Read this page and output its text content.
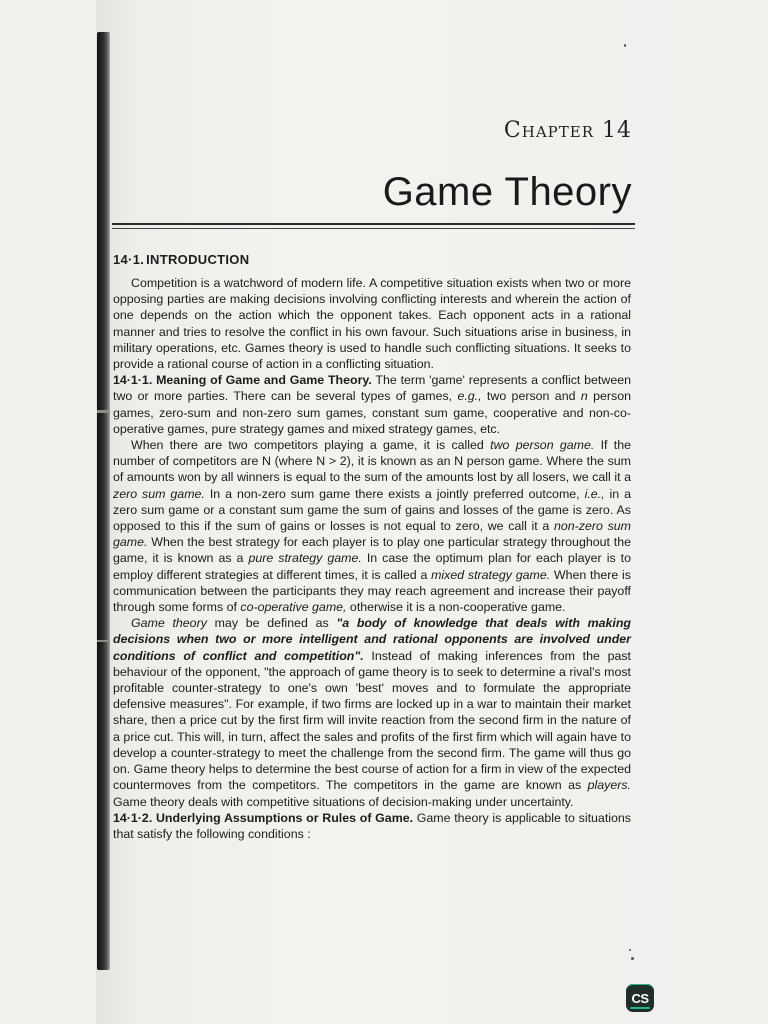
Chapter 14
Game Theory
14·1. INTRODUCTION

Competition is a watchword of modern life. A competitive situation exists when two or more opposing parties are making decisions involving conflicting interests and wherein the action of one depends on the action which the opponent takes. Each opponent acts in a rational manner and tries to resolve the conflict in his own favour. Such situations arise in business, in military operations, etc. Games theory is used to handle such conflicting situations. It seeks to provide a rational course of action in a conflicting situation.

14·1·1. Meaning of Game and Game Theory. The term 'game' represents a conflict between two or more parties. There can be several types of games, e.g., two person and n person games, zero-sum and non-zero sum games, constant sum game, cooperative and non-co-operative games, pure strategy games and mixed strategy games, etc.

When there are two competitors playing a game, it is called two person game. If the number of competitors are N (where N > 2), it is known as an N person game. Where the sum of amounts won by all winners is equal to the sum of the amounts lost by all losers, we call it a zero sum game. In a non-zero sum game there exists a jointly preferred outcome, i.e., in a zero sum game or a constant sum game the sum of gains and losses of the game is zero. As opposed to this if the sum of gains or losses is not equal to zero, we call it a non-zero sum game. When the best strategy for each player is to play one particular strategy throughout the game, it is known as a pure strategy game. In case the optimum plan for each player is to employ different strategies at different times, it is called a mixed strategy game. When there is communication between the participants they may reach agreement and increase their payoff through some forms of co-operative game, otherwise it is a non-cooperative game.

Game theory may be defined as "a body of knowledge that deals with making decisions when two or more intelligent and rational opponents are involved under conditions of conflict and competition". Instead of making inferences from the past behaviour of the opponent, "the approach of game theory is to seek to determine a rival's most profitable counter-strategy to one's own 'best' moves and to formulate the appropriate defensive measures". For example, if two firms are locked up in a war to maintain their market share, then a price cut by the first firm will invite reaction from the second firm in the nature of a price cut. This will, in turn, affect the sales and profits of the first firm which will again have to develop a counter-strategy to meet the challenge from the second firm. The game will thus go on. Game theory helps to determine the best course of action for a firm in view of the expected countermoves from the competitors. The competitors in the game are known as players. Game theory deals with competitive situations of decision-making under uncertainty.

14·1·2. Underlying Assumptions or Rules of Game. Game theory is applicable to situations that satisfy the following conditions :

CS
